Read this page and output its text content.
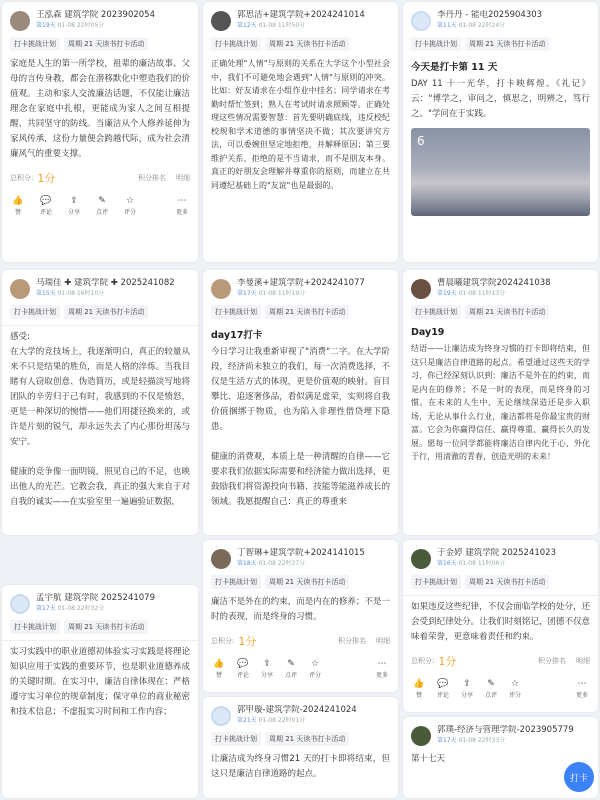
王泓森 建筑学院 2023902054
第19天 01-08 22时05分
打卡挑战计划	周期 21 天读书打卡活动
家庭是人生的第一所学校，祖辈的廉洁故事、父母的言传身教，都会在潜移默化中塑造我们的价值观。主动和家人交流廉洁话题，不仅能让廉洁理念在家庭中扎根，更能成为家人之间互相提醒、共同坚守的防线。当廉洁从个人修养延伸为家风传承，这份力量便会跨越代际，成为社会清廉风气的重要支撑。
总积分: 1分	积分排名 明细
👍
赞
💬
评论
⇪
分享
✎
点评
☆
评分
⋯
更多
郭思洁+建筑学院+2024241014
第12天 01-08 11时50分
打卡挑战计划	周期 21 天读书打卡活动
正确处理"人情"与原则的关系在大学这个小型社会中，我们不可避免地会遇到"人情"与原则的冲突。比如：好友请求在小组作业中挂名；同学请求在考勤时帮忙签到；熟人在考试时请求照顾等。正确处理这些情况需要智慧：首先要明确底线，违反校纪校规和学术道德的事情坚决不做；其次要讲究方法，可以委婉但坚定地拒绝，并解释原因；第三要维护关系，拒绝的是不当请求，而不是朋友本身。真正的好朋友会理解并尊重你的原则，而建立在共同遵纪基础上的"友谊"也是最弱的。
李丹丹 - 能电2025904303
第11天 01-08 22时24分
打卡挑战计划	周期 21 天读书打卡活动
今天是打卡第 11 天
DAY 11 十一光华，打卡映辉煌。《礼记》云："博学之，审问之，慎思之，明辨之，笃行之。"学问在于实践。
6
马瑞佳 ✚ 建筑学院 ✚ 2025241082
第15天 01-08 16时10分
打卡挑战计划	周期 21 天读书打卡活动
感受:
在大学的竞技场上，我逐渐明白，真正的较量从来不只是结果的胜负，而是人格的淬炼。当我目睹有人窃取创意、伪造简历，或是轻描淡写地将团队的辛劳归于己有时，我感到的不仅是愤怒，更是一种深切的惋惜——他们用捷径换来的，或许是片刻的锐气，却永远失去了内心那份坦荡与安宁。

健康的竞争像一面明镜，照见自己的不足，也映出他人的光芒。它教会我，真正的强大来自于对自我的诚实——在实验室里一遍遍验证数据，
李曼溪+建筑学院+2024241077
第17天 01-08 11时19分
打卡挑战计划	周期 21 天读书打卡活动
day17打卡
今日学习让我重新审视了"消费"二字。在大学阶段，经济尚未独立的我们，每一次消费选择，不仅是生活方式的体现，更是价值观的映射。盲目攀比、追逐奢侈品，看似满足虚荣，实则将自我价值捆绑于物质，也为陷入非理性借贷埋下隐患。

健康的消费观，本质上是一种清醒的自律——它要求我们依据实际需要和经济能力做出选择，更鼓励我们将资源投向书籍、技能等能滋养成长的领域。我愿提醒自己：真正的尊重来
曹晨曦建筑学院2024241038
第19天 01-08 11时13分
打卡挑战计划	周期 21 天读书打卡活动
Day19
结语——让廉洁成为终身习惯的打卡即将结束，但这只是廉洁自律道路的起点。希望通过这些天的学习，你已经深刻认识到：廉洁不是外在的约束，而是内在的修养；不是一时的表现，而是终身的习惯。在未来的人生中，无论继续深造还是步入职场，无论从事什么行业，廉洁都将是你最宝贵的财富。它会为你赢得信任、赢得尊重、赢得长久的发展。愿每一位同学都能将廉洁自律内化于心、外化于行，用清澈的青春，创造光明的未来！
孟宇航 建筑学院 2025241079
第17天 01-08 22时32分
打卡挑战计划	周期 21 天读书打卡活动
实习实践中的职业道德初体验实习实践是将理论知识应用于实践的重要环节，也是职业道德养成的关键时期。在实习中，廉洁自律体现在：严格遵守实习单位的规章制度；保守单位的商业秘密和技术信息；不虚报实习时间和工作内容；
丁智琳+建筑学院+2024141015
第18天 01-08 22时37分
打卡挑战计划	周期 21 天读书打卡活动
廉洁不是外在的约束，而是内在的修养；不是一时的表现，而是终身的习惯。
总积分: 1分	积分排名 明细
👍
赞
💬
评论
⇪
分享
✎
点评
☆
评分
⋯
更多
郭甲璇-建筑学院-2024241024
第21天 01-08 22时01分
打卡挑战计划	周期 21 天读书打卡活动
让廉洁成为终身习惯21 天的打卡即将结束，但这只是廉洁自律道路的起点。
于金婷 建筑学院 2025241023
第16天 01-08 11时06分
打卡挑战计划	周期 21 天读书打卡活动
如果违反这些纪律，不仅会面临学校的处分，还会受到纪律处分。让我们时刻铭记，团德不仅意味着荣誉，更意味着责任和约束。
总积分: 1分	积分排名 明细
👍
赞
💬
评论
⇪
分享
✎
点评
☆
评分
⋯
更多
郭璞-经济与管理学院-2023905779
第17天 01-08 22时33分
第十七天
打卡
